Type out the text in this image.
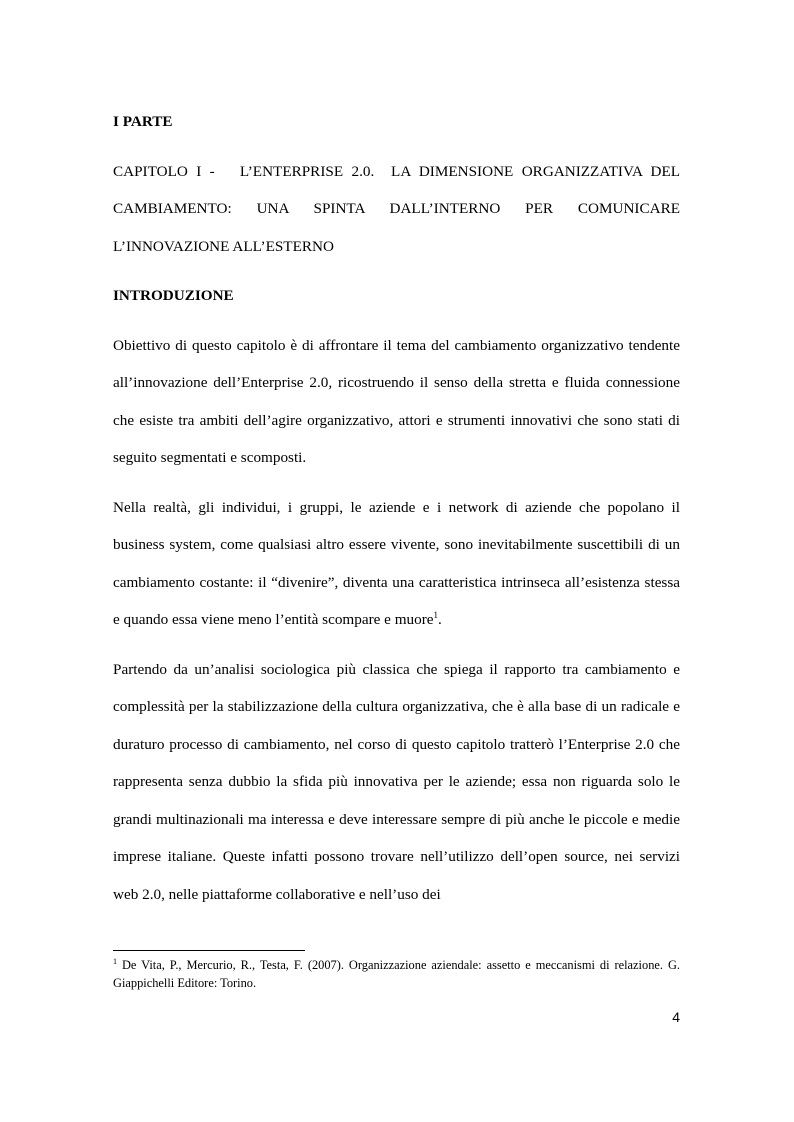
I PARTE

CAPITOLO I -   L’ENTERPRISE 2.0.  LA DIMENSIONE ORGANIZZATIVA DEL CAMBIAMENTO: UNA SPINTA DALL’INTERNO PER COMUNICARE L’INNOVAZIONE ALL’ESTERNO

INTRODUZIONE

Obiettivo di questo capitolo è di affrontare il tema del cambiamento organizzativo tendente all’innovazione dell’Enterprise 2.0, ricostruendo il senso della stretta e fluida connessione che esiste tra ambiti dell’agire organizzativo, attori e strumenti innovativi che sono stati di seguito segmentati e scomposti.

Nella realtà, gli individui, i gruppi, le aziende e i network di aziende che popolano il business system, come qualsiasi altro essere vivente, sono inevitabilmente suscettibili di un cambiamento costante: il “divenire”, diventa una caratteristica intrinseca all’esistenza stessa e quando essa viene meno l’entità scompare e muore$^1$.

Partendo da un’analisi sociologica più classica che spiega il rapporto tra cambiamento e complessità per la stabilizzazione della cultura organizzativa, che è alla base di un radicale e duraturo processo di cambiamento, nel corso di questo capitolo tratterò l’Enterprise 2.0 che rappresenta senza dubbio la sfida più innovativa per le aziende; essa non riguarda solo le grandi multinazionali ma interessa e deve interessare sempre di più anche le piccole e medie imprese italiane. Queste infatti possono trovare nell’utilizzo dell’open source, nei servizi web 2.0, nelle piattaforme collaborative e nell’uso dei

$^1$ De Vita, P., Mercurio, R., Testa, F. (2007). Organizzazione aziendale: assetto e meccanismi di relazione. G. Giappichelli Editore: Torino.
4
